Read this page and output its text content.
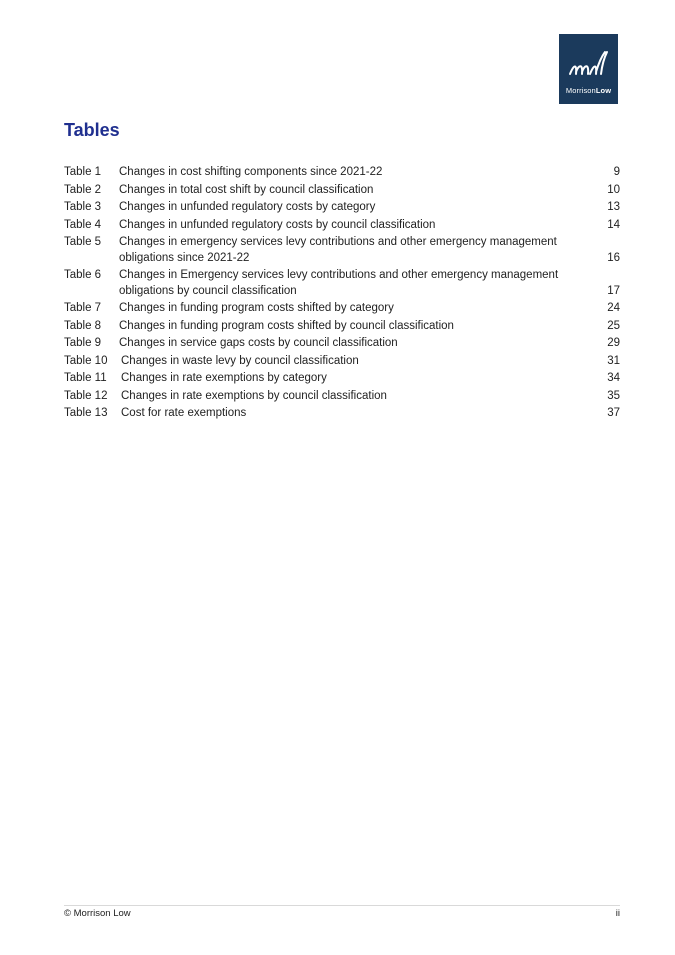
MorrisonLow
Tables
Table 1	Changes in cost shifting components since 2021-22	9
Table 2	Changes in total cost shift by council classification	10
Table 3	Changes in unfunded regulatory costs by category	13
Table 4	Changes in unfunded regulatory costs by council classification	14
Table 5	Changes in emergency services levy contributions and other emergency management obligations since 2021-22	16
Table 6	Changes in Emergency services levy contributions and other emergency management obligations by council classification	17
Table 7	Changes in funding program costs shifted by category	24
Table 8	Changes in funding program costs shifted by council classification	25
Table 9	Changes in service gaps costs by council classification	29
Table 10	Changes in waste levy by council classification	31
Table 11	Changes in rate exemptions by category	34
Table 12	Changes in rate exemptions by council classification	35
Table 13	Cost for rate exemptions	37
© Morrison Low	ii
